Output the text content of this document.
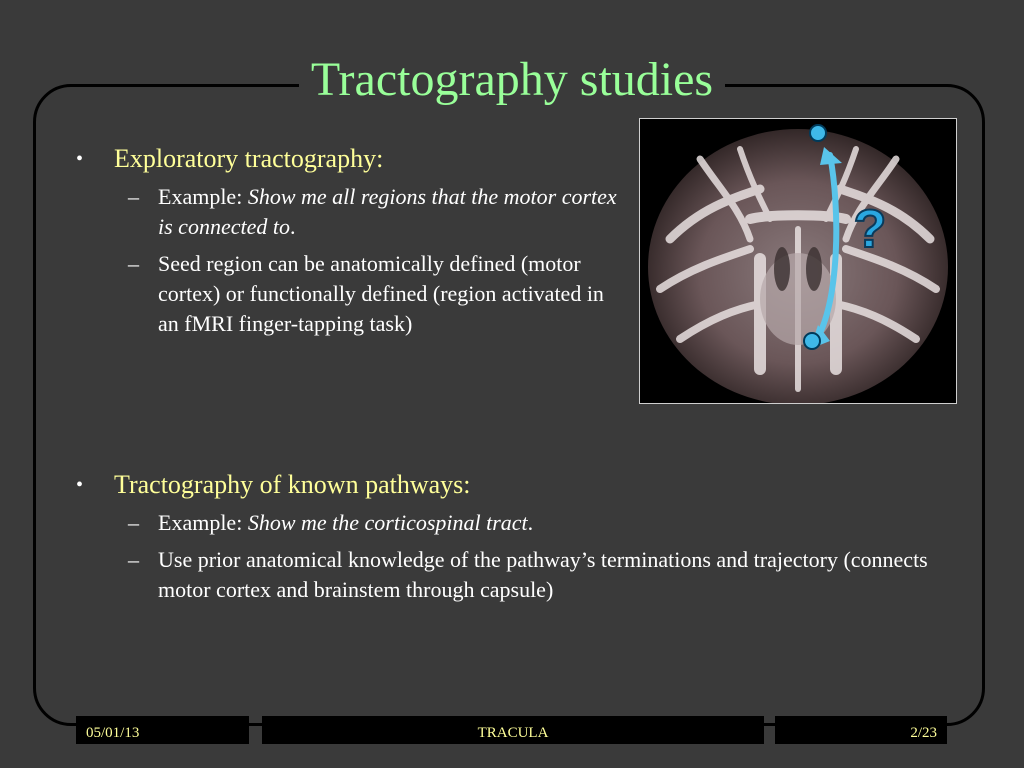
Tractography studies
•	Exploratory tractography:
– Example: Show me all regions that the motor cortex is connected to.
– Seed region can be anatomically defined (motor cortex) or functionally defined (region activated in an fMRI finger-tapping task)
?
•	Tractography of known pathways:
– Example: Show me the corticospinal tract.
– Use prior anatomical knowledge of the pathway’s terminations and trajectory (connects motor cortex and brainstem through capsule)
05/01/13	TRACULA	2/23
